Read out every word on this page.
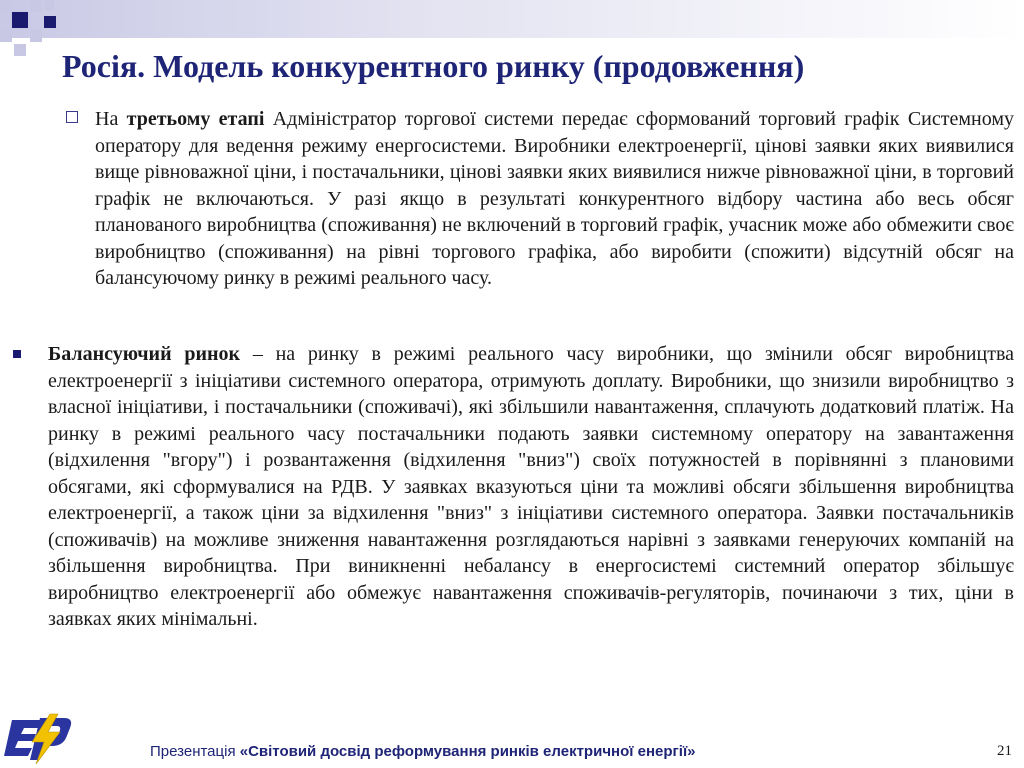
Росія. Модель конкурентного ринку (продовження)
На третьому етапі Адміністратор торгової системи передає сформований торговий графік Системному оператору для ведення режиму енергосистеми. Виробники електроенергії, цінові заявки яких виявилися вище рівноважної ціни, і постачальники, цінові заявки яких виявилися нижче рівноважної ціни, в торговий графік не включаються. У разі якщо в результаті конкурентного відбору частина або весь обсяг планованого виробництва (споживання) не включений в торговий графік, учасник може або обмежити своє виробництво (споживання) на рівні торгового графіка, або виробити (спожити) відсутній обсяг на балансуючому ринку в режимі реального часу.
Балансуючий ринок – на ринку в режимі реального часу виробники, що змінили обсяг виробництва електроенергії з ініціативи системного оператора, отримують доплату. Виробники, що знизили виробництво з власної ініціативи, і постачальники (споживачі), які збільшили навантаження, сплачують додатковий платіж. На ринку в режимі реального часу постачальники подають заявки системному оператору на завантаження (відхилення "вгору") і розвантаження (відхилення "вниз") своїх потужностей в порівнянні з плановими обсягами, які сформувалися на РДВ. У заявках вказуються ціни та можливі обсяги збільшення виробництва електроенергії, а також ціни за відхилення "вниз" з ініціативи системного оператора. Заявки постачальників (споживачів) на можливе зниження навантаження розглядаються нарівні з заявками генеруючих компаній на збільшення виробництва. При виникненні небалансу в енергосистемі системний оператор збільшує виробництво електроенергії або обмежує навантаження споживачів-регуляторів, починаючи з тих, ціни в заявках яких мінімальні.
Презентація «Світовий досвід реформування ринків електричної енергії»	21
